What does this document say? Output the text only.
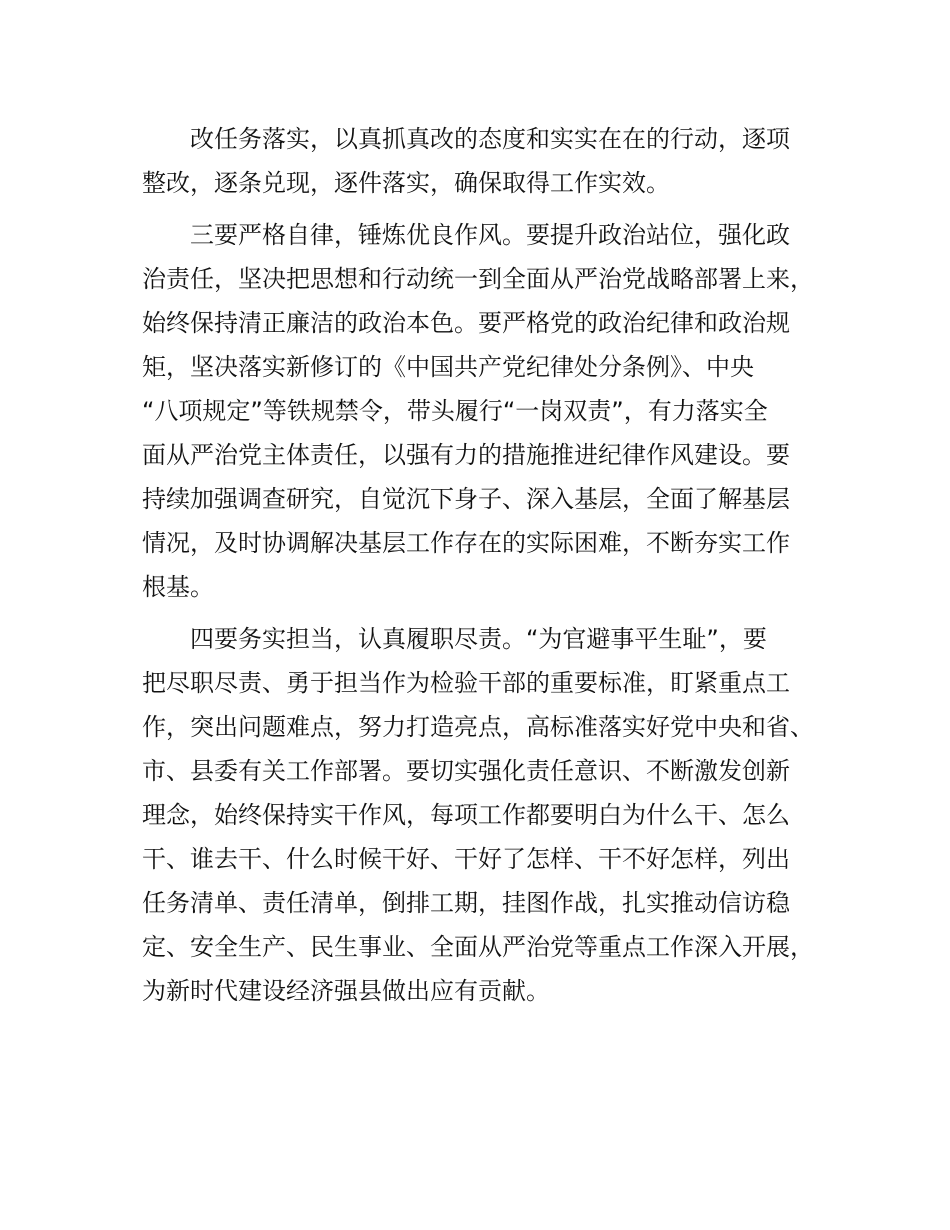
改任务落实，以真抓真改的态度和实实在在的行动，逐项
整改，逐条兑现，逐件落实，确保取得工作实效。
三要严格自律，锤炼优良作风。要提升政治站位，强化政
治责任，坚决把思想和行动统一到全面从严治党战略部署上来，
始终保持清正廉洁的政治本色。要严格党的政治纪律和政治规
矩，坚决落实新修订的《中国共产党纪律处分条例》、中央
“八项规定”等铁规禁令，带头履行“一岗双责”，有力落实全
面从严治党主体责任，以强有力的措施推进纪律作风建设。要
持续加强调查研究，自觉沉下身子、深入基层，全面了解基层
情况，及时协调解决基层工作存在的实际困难，不断夯实工作
根基。
四要务实担当，认真履职尽责。“为官避事平生耻”，要
把尽职尽责、勇于担当作为检验干部的重要标准，盯紧重点工
作，突出问题难点，努力打造亮点，高标准落实好党中央和省、
市、县委有关工作部署。要切实强化责任意识、不断激发创新
理念，始终保持实干作风，每项工作都要明白为什么干、怎么
干、谁去干、什么时候干好、干好了怎样、干不好怎样，列出
任务清单、责任清单，倒排工期，挂图作战，扎实推动信访稳
定、安全生产、民生事业、全面从严治党等重点工作深入开展，
为新时代建设经济强县做出应有贡献。
